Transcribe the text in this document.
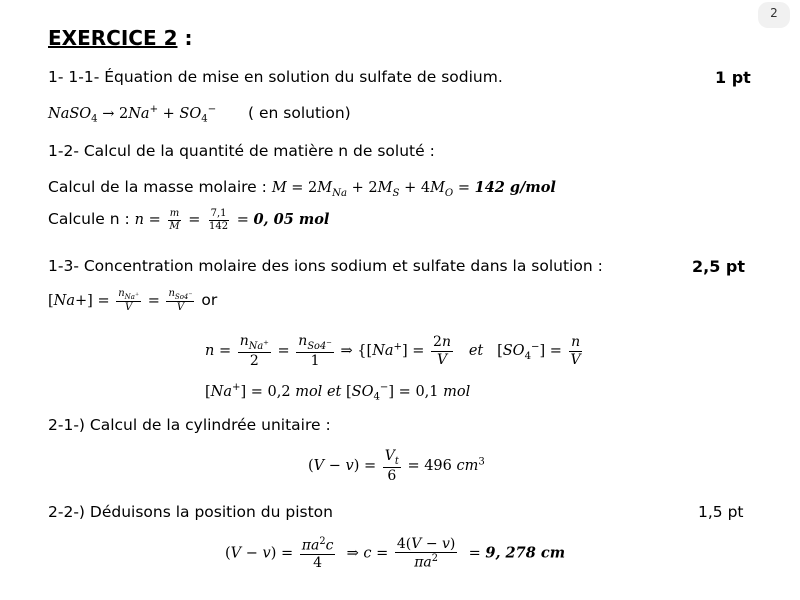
2
EXERCICE 2 :
1- 1-1- Équation de mise en solution du sulfate de sodium.	1 pt
NaSO$_4$ → $2Na^+ + SO_4^-$ ( en solution)
1-2- Calcul de la quantité de matière n de soluté :
Calcul de la masse molaire : $M = 2M_{Na} + 2M_S + 4M_O = 142$ g/mol
Calcule n : $n = \frac{m}{M} = \frac{7,1}{142} = 0$, 05 mol
1-3- Concentration molaire des ions sodium et sulfate dans la solution :	2,5 pt
$[Na+] = \frac{n_{Na^+}}{V} = \frac{n_{So4^-}}{V}$ or
$n = \frac{n_{Na^+}}{2} = \frac{n_{So4^-}}{1}$ ⇒ {$[Na^+] = \frac{2n}{V}$ et $[SO_4^-] = \frac{n}{V}$
[Na+] = 0,2 mol et $[SO_4^-] = 0,1$ mol
2-1-) Calcul de la cylindrée unitaire :
$(V - v) = \frac{V_t}{6} = 496$ $cm^3$
2-2-) Déduisons la position du piston	1,5 pt
$(V - v) = \frac{\pi a^2c}{4}$ ⇒ $c = \frac{4(V - v)}{\pi a^2} = 9$, 278 cm
